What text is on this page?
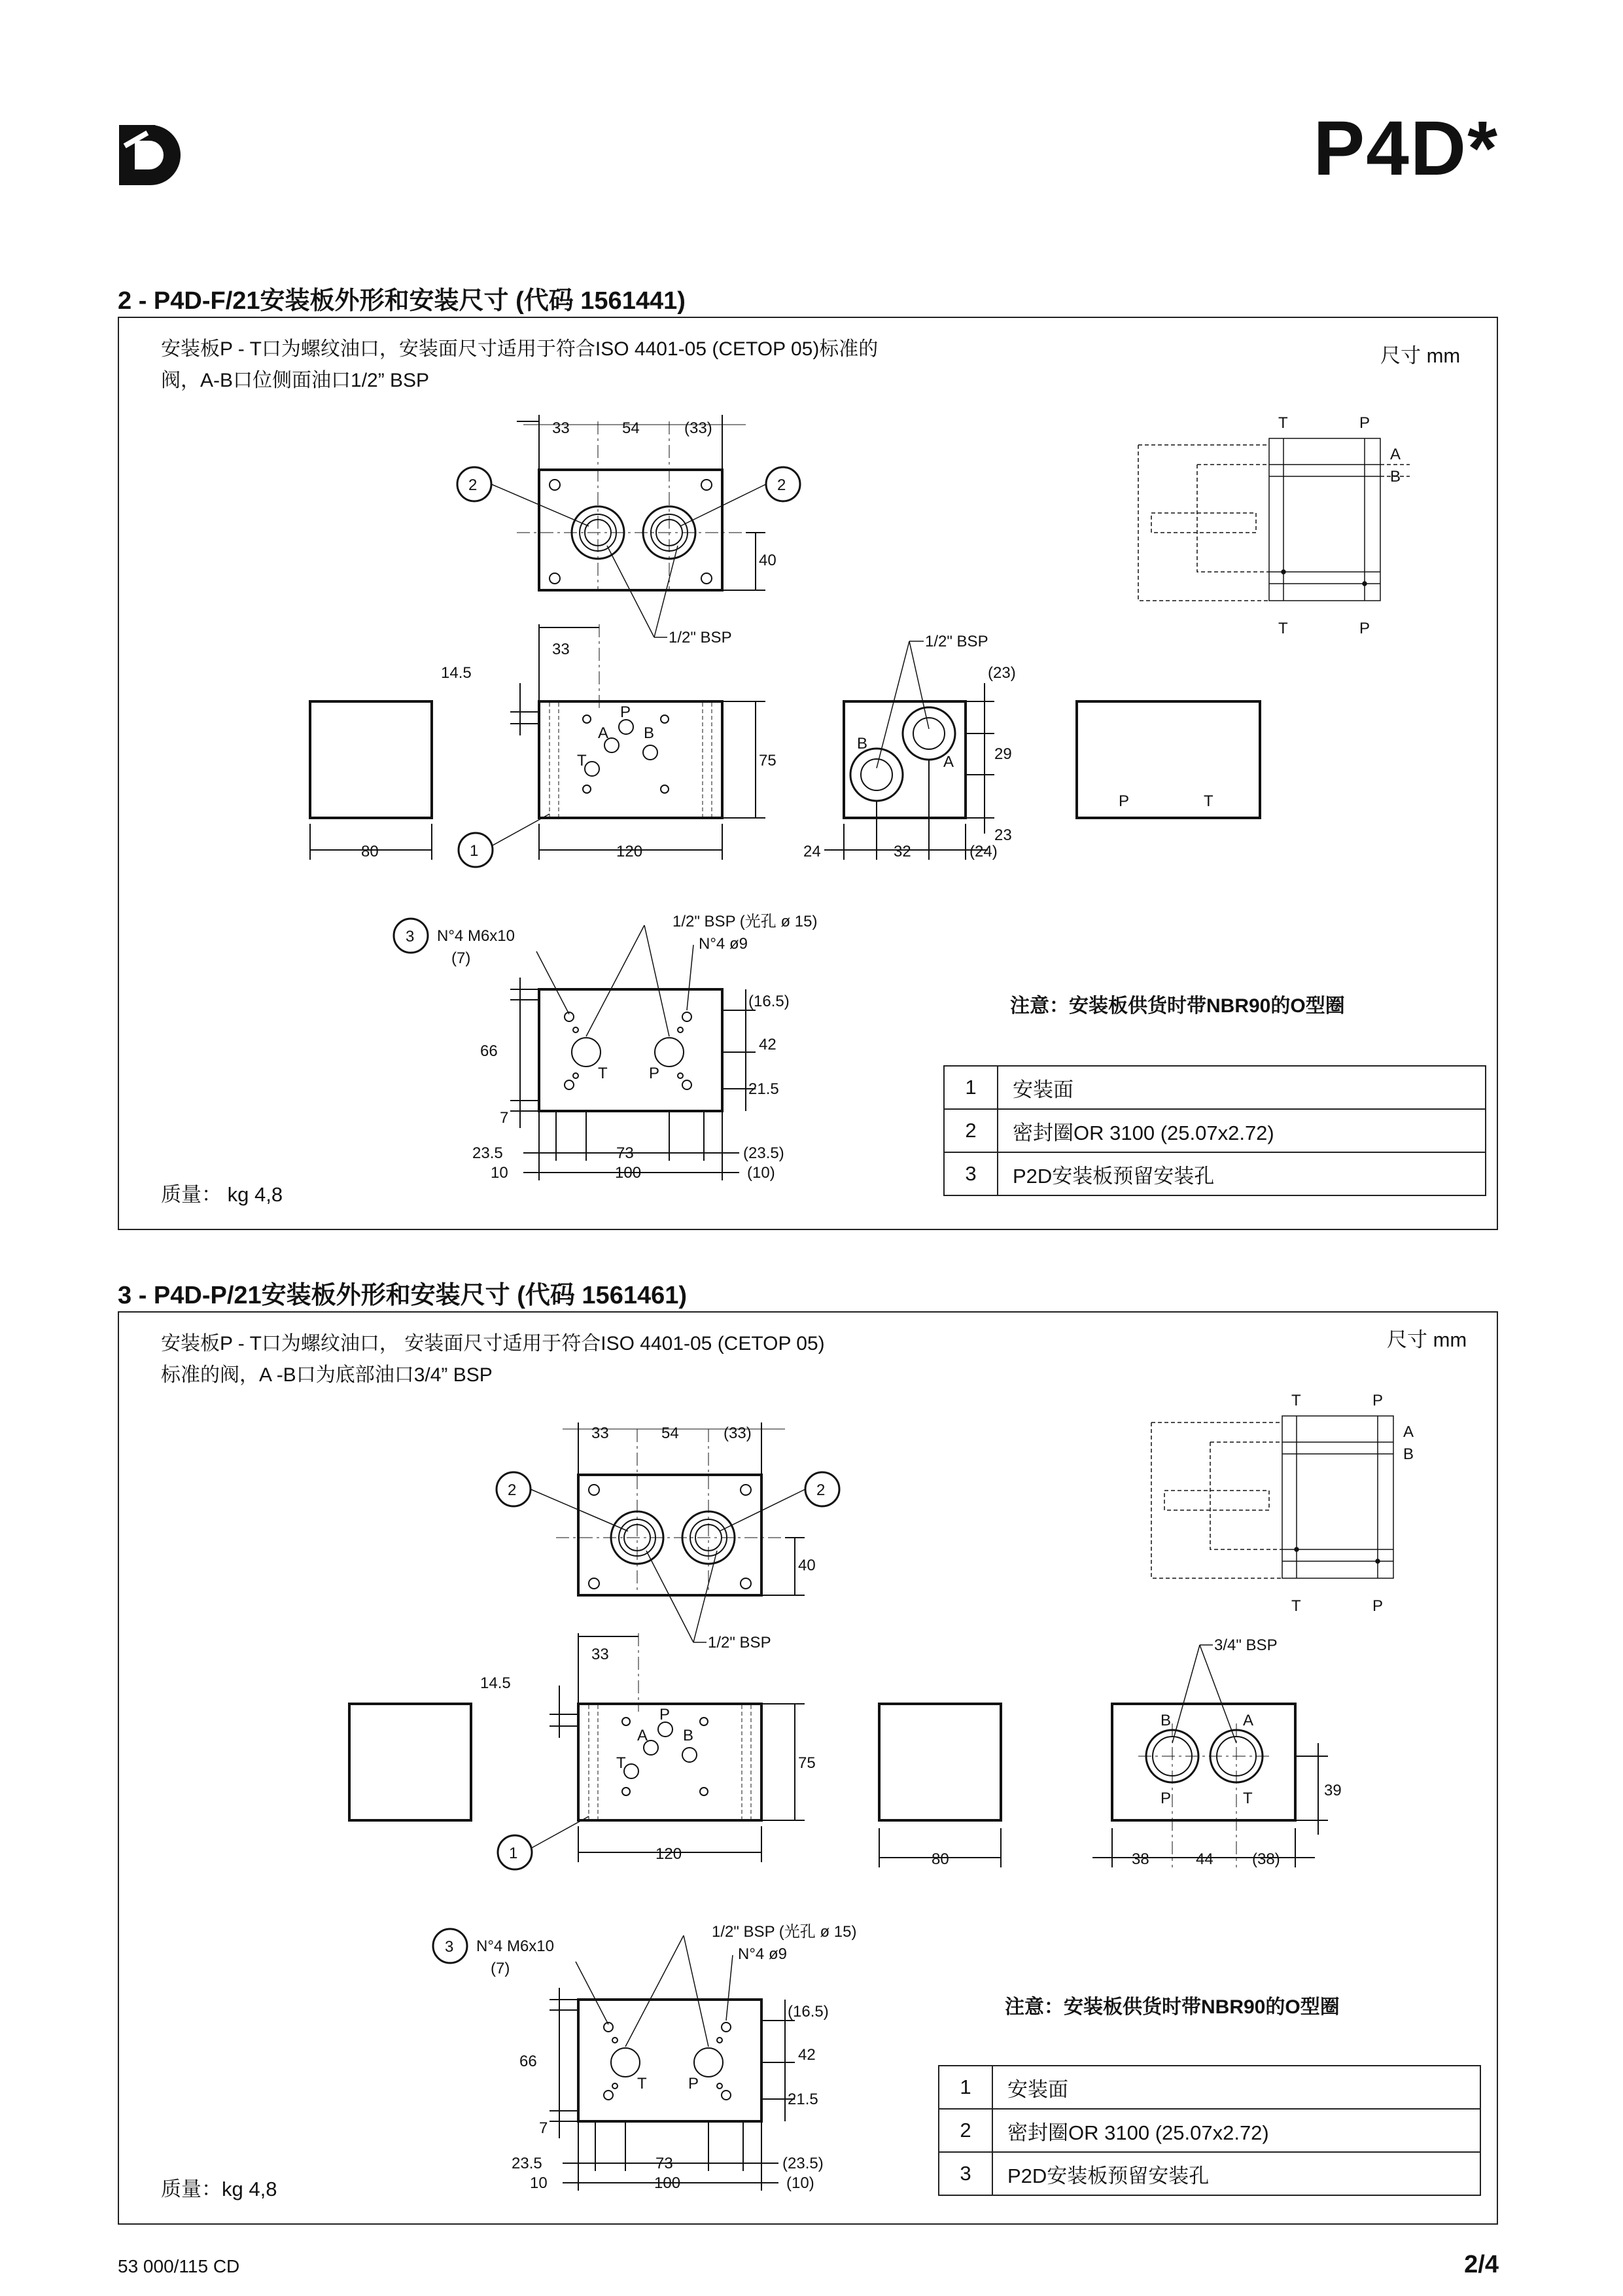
P4D*
2 - P4D-F/21安装板外形和安装尺寸 (代码 1561441)
安装板P - T口为螺纹油口，安装面尺寸适用于符合ISO 4401-05 (CETOP 05)标准的
阀，A-B口位侧面油口1/2” BSP
尺寸 mm
33	54	(33)
40
1/2" BSP
2	2
T	P
A
B
T	P
80
14.5
33
75
120
1
P
A B
T
1/2" BSP
(23)
29
23
24	32	(24)
B
A
P	T
3 N°4 M6x10
(7)
66
7
1/2" BSP (光孔 ø 15)
N°4 ø9
(16.5)
42
21.5
23.5	73	(23.5)
10	100	(10)
T	P
注意：安装板供货时带NBR90的O型圈
1	安装面
2	密封圈OR 3100 (25.07x2.72)
3	P2D安装板预留安装孔
质量： kg 4,8
3 - P4D-P/21安装板外形和安装尺寸 (代码 1561461)
安装板P - T口为螺纹油口， 安装面尺寸适用于符合ISO 4401-05 (CETOP 05)
标准的阀，A -B口为底部油口3/4” BSP
尺寸 mm
33	54	(33)
40
1/2" BSP
2	2
T	P
A
B
T	P
14.5
33
75
120
1
P
A B
T
80
3/4" BSP
39
38	44 (38)
B	A
P	T
3 N°4 M6x10
(7)
66
7
1/2" BSP (光孔 ø 15)
N°4 ø9
(16.5)
42
21.5
23.5	73	(23.5)
10	100	(10)
T	P
注意：安装板供货时带NBR90的O型圈
1	安装面
2	密封圈OR 3100 (25.07x2.72)
3	P2D安装板预留安装孔
质量：kg 4,8
53 000/115 CD	2/4
